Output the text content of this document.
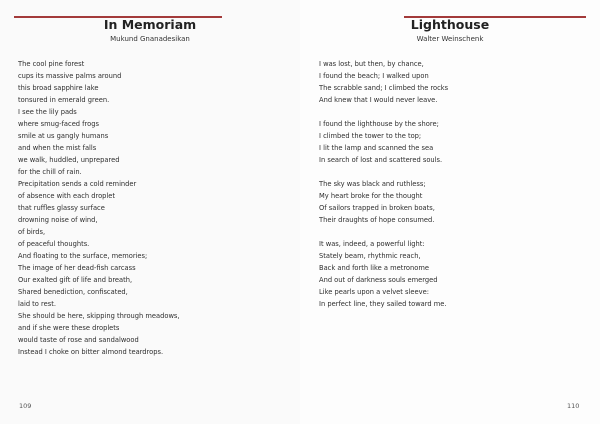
In Memoriam

Mukund Gnanadesikan

The cool pine forest
cups its massive palms around
this broad sapphire lake
tonsured in emerald green.
I see the lily pads
where smug-faced frogs
smile at us gangly humans
and when the mist falls
we walk, huddled, unprepared
for the chill of rain.
Precipitation sends a cold reminder
of absence with each droplet
that ruffles glassy surface
drowning noise of wind,
of birds,
of peaceful thoughts.
And floating to the surface, memories;
The image of her dead-fish carcass
Our exalted gift of life and breath,
Shared benediction, confiscated,
laid to rest.
She should be here, skipping through meadows,
and if she were these droplets
would taste of rose and sandalwood
Instead I choke on bitter almond teardrops.

109

Lighthouse

Walter Weinschenk

I was lost, but then, by chance,
I found the beach; I walked upon
The scrabble sand; I climbed the rocks
And knew that I would never leave.
I found the lighthouse by the shore;
I climbed the tower to the top;
I lit the lamp and scanned the sea
In search of lost and scattered souls.
The sky was black and ruthless;
My heart broke for the thought
Of sailors trapped in broken boats,
Their draughts of hope consumed.
It was, indeed, a powerful light:
Stately beam, rhythmic reach,
Back and forth like a metronome
And out of darkness souls emerged
Like pearls upon a velvet sleeve:
In perfect line, they sailed toward me.

110
